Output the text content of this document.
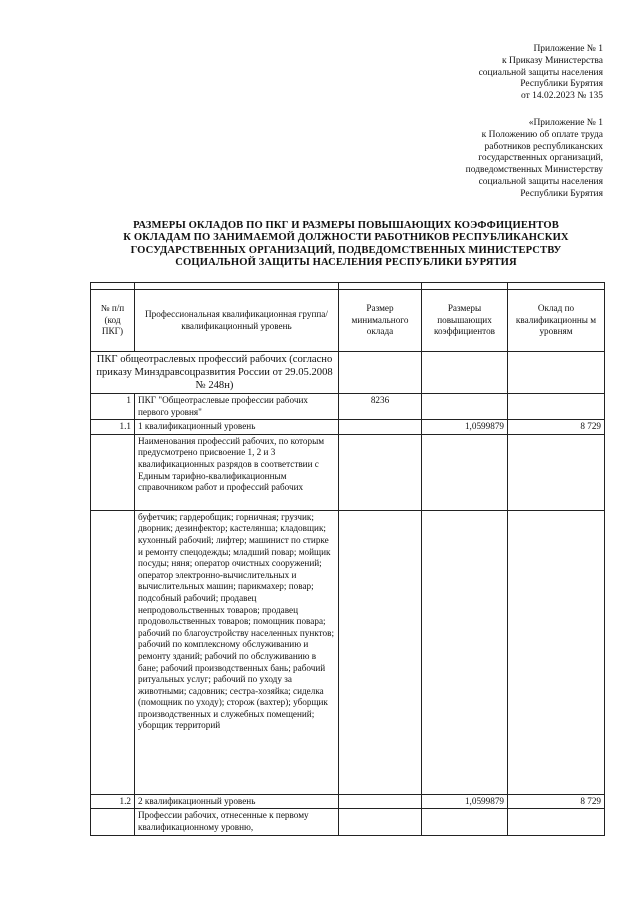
Приложение № 1
к Приказу Министерства
социальной защиты населения
Республики Бурятия
от 14.02.2023 № 135
«Приложение № 1
к Положению об оплате труда
работников республиканских
государственных организаций,
подведомственных Министерству
социальной защиты населения
Республики Бурятия
РАЗМЕРЫ ОКЛАДОВ ПО ПКГ И РАЗМЕРЫ ПОВЫШАЮЩИХ КОЭФФИЦИЕНТОВ
К ОКЛАДАМ ПО ЗАНИМАЕМОЙ ДОЛЖНОСТИ РАБОТНИКОВ РЕСПУБЛИКАНСКИХ
ГОСУДАРСТВЕННЫХ ОРГАНИЗАЦИЙ, ПОДВЕДОМСТВЕННЫХ МИНИСТЕРСТВУ
СОЦИАЛЬНОЙ ЗАЩИТЫ НАСЕЛЕНИЯ РЕСПУБЛИКИ БУРЯТИЯ

№ п/п (код ПКГ)	Профессиональная квалификационная группа/квалификационный уровень	Размер минимального оклада	Размеры повышающих коэффициентов	Оклад по квалификационны м уровням
ПКГ общеотраслевых профессий рабочих (согласно приказу Минздравсоцразвития России от 29.05.2008 № 248н)				
1	ПКГ "Общеотраслевые профессии рабочих первого уровня"	8236		
1.1	1 квалификационный уровень		1,0599879	8 729
	Наименования профессий рабочих, по которым предусмотрено присвоение 1, 2 и 3 квалификационных разрядов в соответствии с Единым тарифно-квалификационным справочником работ и профессий рабочих			
	буфетчик; гардеробщик; горничная; грузчик; дворник; дезинфектор; кастелянша; кладовщик; кухонный рабочий; лифтер; машинист по стирке и ремонту спецодежды; младший повар; мойщик посуды; няня; оператор очистных сооружений; оператор электронно-вычислительных и вычислительных машин; парикмахер; повар; подсобный рабочий; продавец непродовольственных товаров; продавец продовольственных товаров; помощник повара; рабочий по благоустройству населенных пунктов; рабочий по комплексному обслуживанию и ремонту зданий; рабочий по обслуживанию в бане; рабочий производственных бань; рабочий ритуальных услуг; рабочий по уходу за животными; садовник; сестра-хозяйка; сиделка (помощник по уходу); сторож (вахтер); уборщик производственных и служебных помещений; уборщик территорий			
1.2	2 квалификационный уровень		1,0599879	8 729
	Профессии рабочих, отнесенные к первому квалификационному уровню,			
